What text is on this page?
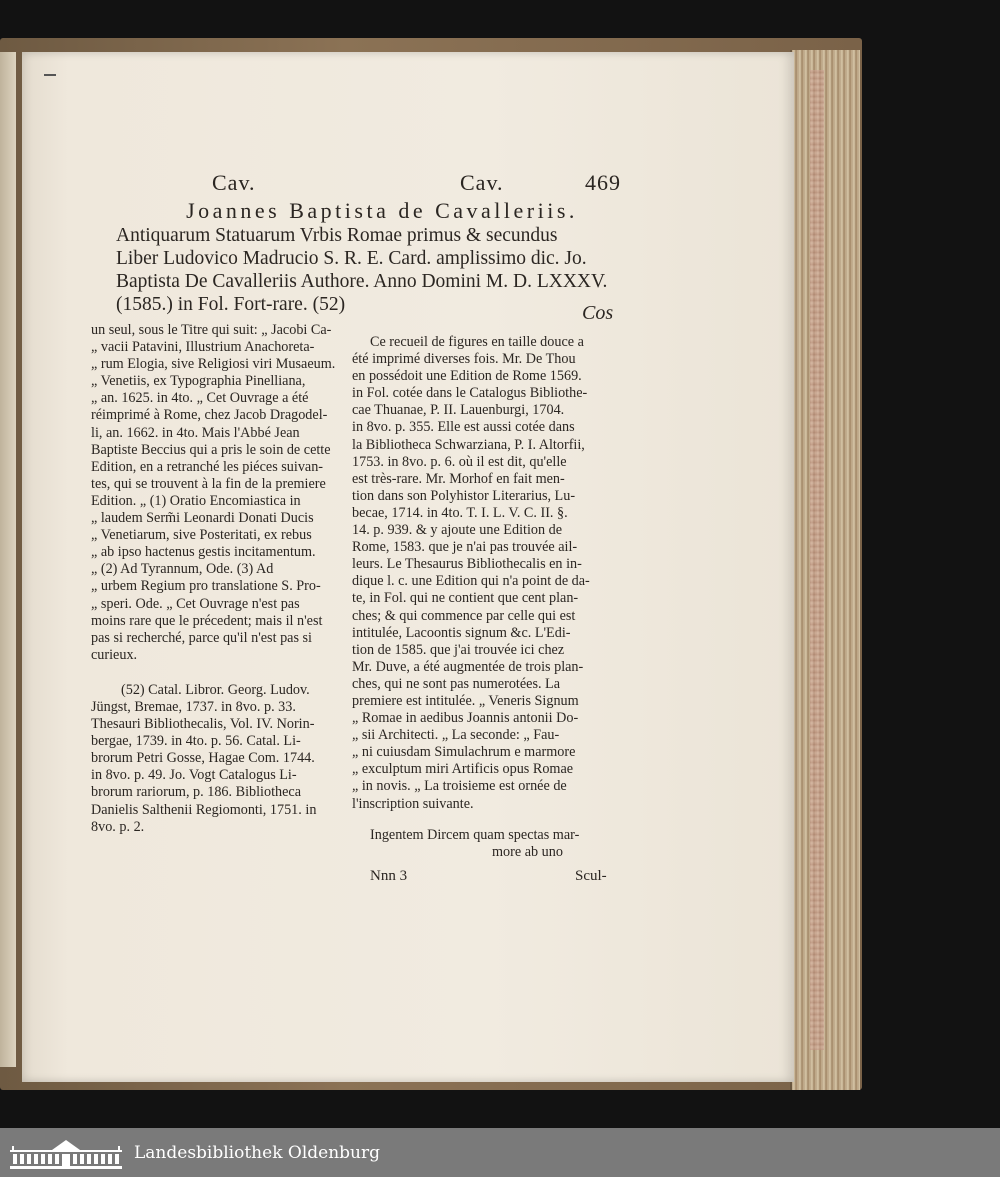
Cav.	Cav.	469
Joannes Baptista de Cavalleriis.
Antiquarum Statuarum Vrbis Romae primus & secundus
Liber Ludovico Madrucio S. R. E. Card. amplissimo dic. Jo.
Baptista De Cavalleriis Authore. Anno Domini M. D. LXXXV.
(1585.) in Fol. Fort-rare. (52)	Cos
un seul, sous le Titre qui suit: „ Jacobi Ca-
„ vacii Patavini, Illustrium Anachoreta-
„ rum Elogia, sive Religiosi viri Musaeum.
„ Venetiis, ex Typographia Pinelliana,
„ an. 1625. in 4to. „ Cet Ouvrage a été
réimprimé à Rome, chez Jacob Dragodel-
li, an. 1662. in 4to. Mais l'Abbé Jean
Baptiste Beccius qui a pris le soin de cette
Edition, en a retranché les piéces suivan-
tes, qui se trouvent à la fin de la premiere
Edition. „ (1) Oratio Encomiastica in
„ laudem Serm̃i Leonardi Donati Ducis
„ Venetiarum, sive Posteritati, ex rebus
„ ab ipso hactenus gestis incitamentum.
„ (2) Ad Tyrannum, Ode. (3) Ad
„ urbem Regium pro translatione S. Pro-
„ speri. Ode. „ Cet Ouvrage n'est pas
moins rare que le précedent; mais il n'est
pas si recherché, parce qu'il n'est pas si
curieux.
(52) Catal. Libror. Georg. Ludov.
Jüngst, Bremae, 1737. in 8vo. p. 33.
Thesauri Bibliothecalis, Vol. IV. Norin-
bergae, 1739. in 4to. p. 56. Catal. Li-
brorum Petri Gosse, Hagae Com. 1744.
in 8vo. p. 49. Jo. Vogt Catalogus Li-
brorum rariorum, p. 186. Bibliotheca
Danielis Salthenii Regiomonti, 1751. in
8vo. p. 2.
Ce recueil de figures en taille douce a
été imprimé diverses fois. Mr. De Thou
en possédoit une Edition de Rome 1569.
in Fol. cotée dans le Catalogus Bibliothe-
cae Thuanae, P. II. Lauenburgi, 1704.
in 8vo. p. 355. Elle est aussi cotée dans
la Bibliotheca Schwarziana, P. I. Altorfii,
1753. in 8vo. p. 6. où il est dit, qu'elle
est très-rare. Mr. Morhof en fait men-
tion dans son Polyhistor Literarius, Lu-
becae, 1714. in 4to. T. I. L. V. C. II. §.
14. p. 939. & y ajoute une Edition de
Rome, 1583. que je n'ai pas trouvée ail-
leurs. Le Thesaurus Bibliothecalis en in-
dique l. c. une Edition qui n'a point de da-
te, in Fol. qui ne contient que cent plan-
ches; & qui commence par celle qui est
intitulée, Lacoontis signum &c. L'Edi-
tion de 1585. que j'ai trouvée ici chez
Mr. Duve, a été augmentée de trois plan-
ches, qui ne sont pas numerotées. La
premiere est intitulée. „ Veneris Signum
„ Romae in aedibus Joannis antonii Do-
„ sii Architecti. „ La seconde: „ Fau-
„ ni cuiusdam Simulachrum e marmore
„ exculptum miri Artificis opus Romae
„ in novis. „ La troisieme est ornée de
l'inscription suivante.
Ingentem Dircem quam spectas mar-
more ab uno
Nnn 3	Scul-
Landesbibliothek Oldenburg
